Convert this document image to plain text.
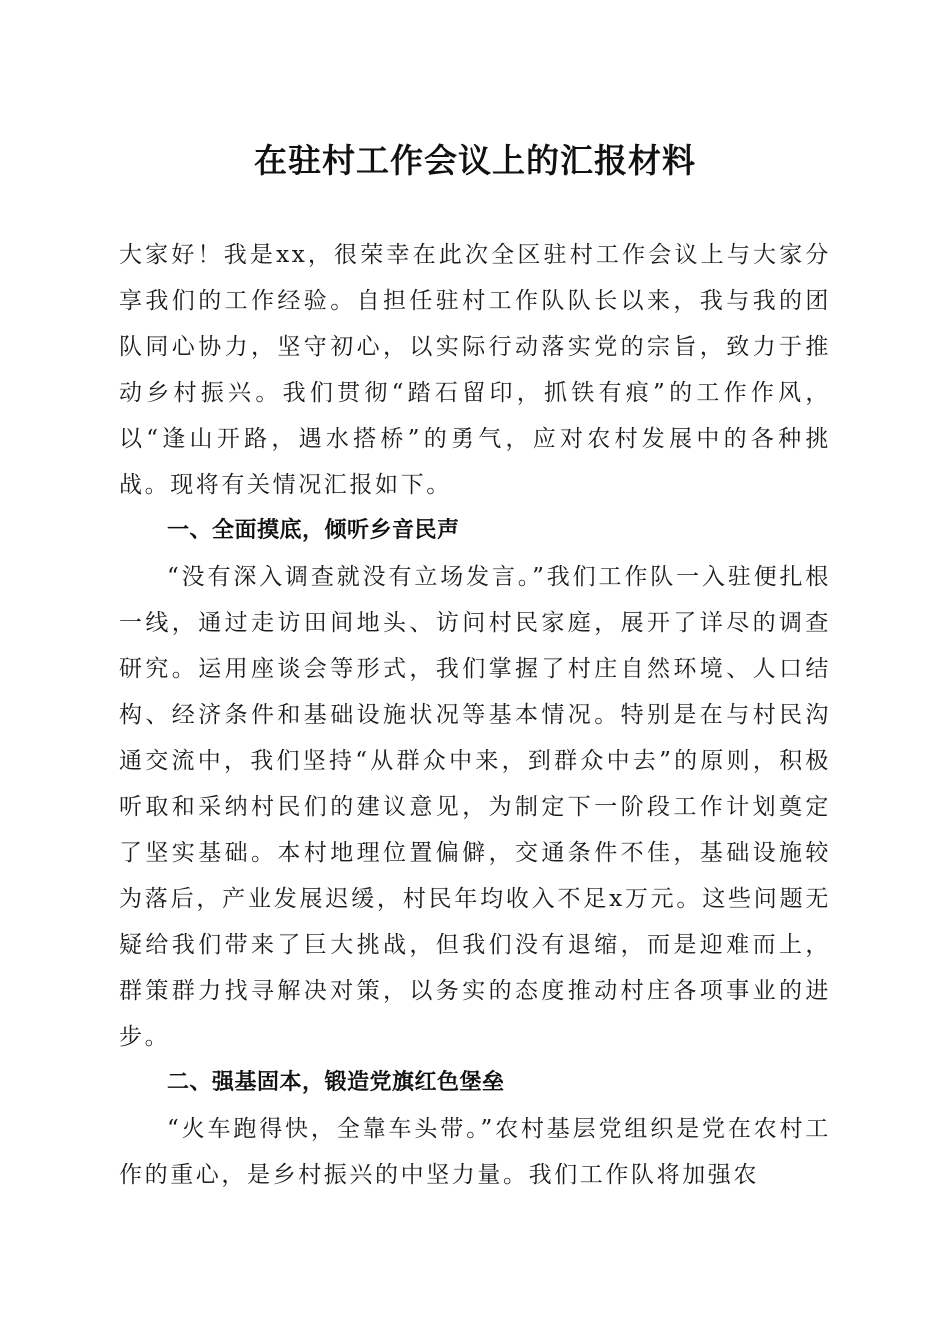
在驻村工作会议上的汇报材料

大家好！我是xx，很荣幸在此次全区驻村工作会议上与大家分享我们的工作经验。自担任驻村工作队队长以来，我与我的团队同心协力，坚守初心，以实际行动落实党的宗旨，致力于推动乡村振兴。我们贯彻“踏石留印，抓铁有痕”的工作作风，以“逢山开路，遇水搭桥”的勇气，应对农村发展中的各种挑战。现将有关情况汇报如下。

一、全面摸底，倾听乡音民声

“没有深入调查就没有立场发言。”我们工作队一入驻便扎根一线，通过走访田间地头、访问村民家庭，展开了详尽的调查研究。运用座谈会等形式，我们掌握了村庄自然环境、人口结构、经济条件和基础设施状况等基本情况。特别是在与村民沟通交流中，我们坚持“从群众中来，到群众中去”的原则，积极听取和采纳村民们的建议意见，为制定下一阶段工作计划奠定了坚实基础。本村地理位置偏僻，交通条件不佳，基础设施较为落后，产业发展迟缓，村民年均收入不足x万元。这些问题无疑给我们带来了巨大挑战，但我们没有退缩，而是迎难而上，群策群力找寻解决对策，以务实的态度推动村庄各项事业的进步。

二、强基固本，锻造党旗红色堡垒

“火车跑得快，全靠车头带。”农村基层党组织是党在农村工作的重心，是乡村振兴的中坚力量。我们工作队将加强农
